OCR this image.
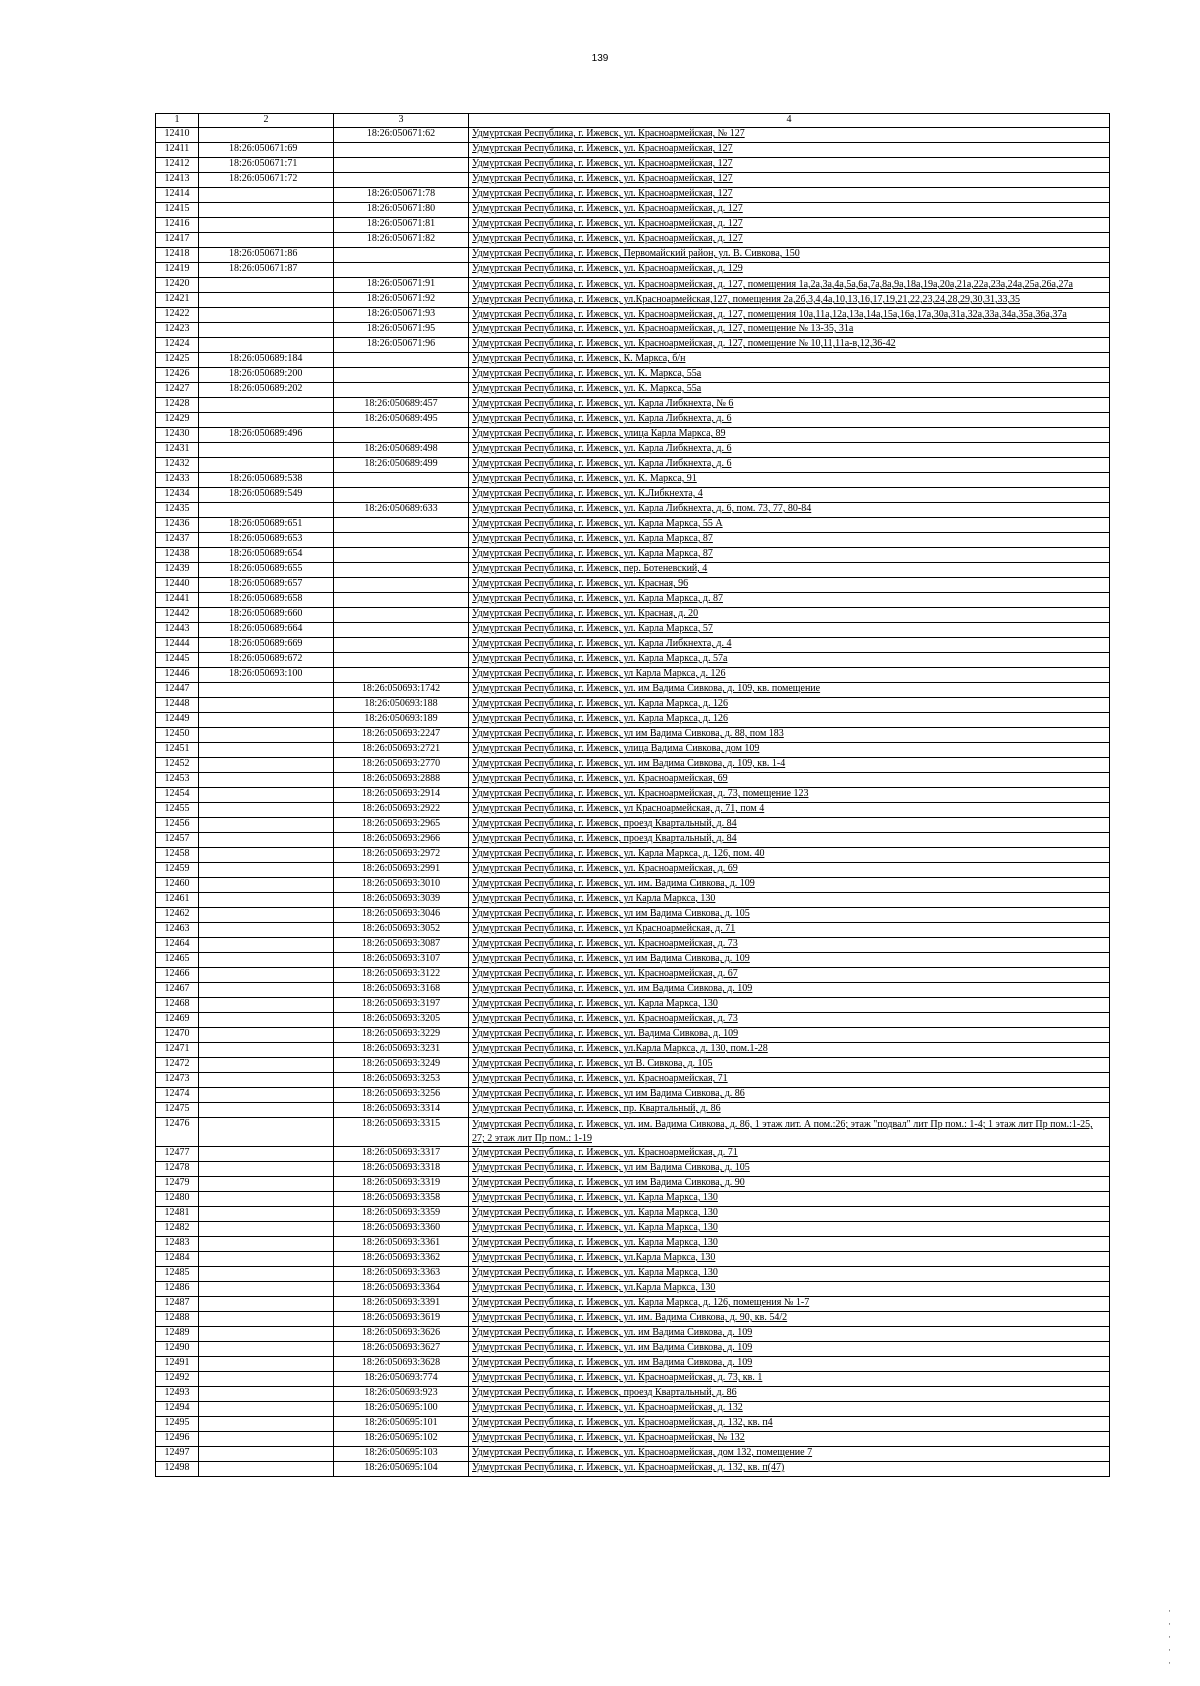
139
1	2	3	4
12410		18:26:050671:62	Удмуртская Республика, г. Ижевск, ул. Красноармейская, № 127
12411	18:26:050671:69		Удмуртская Республика, г. Ижевск, ул. Красноармейская, 127
12412	18:26:050671:71		Удмуртская Республика, г. Ижевск, ул. Красноармейская, 127
12413	18:26:050671:72		Удмуртская Республика, г. Ижевск, ул. Красноармейская, 127
12414		18:26:050671:78	Удмуртская Республика, г. Ижевск, ул. Красноармейская, 127
12415		18:26:050671:80	Удмуртская Республика, г. Ижевск, ул. Красноармейская, д. 127
12416		18:26:050671:81	Удмуртская Республика, г. Ижевск, ул. Красноармейская, д. 127
12417		18:26:050671:82	Удмуртская Республика, г. Ижевск, ул. Красноармейская, д. 127
12418	18:26:050671:86		Удмуртская Республика, г. Ижевск, Первомайский район, ул. В. Сивкова, 150
12419	18:26:050671:87		Удмуртская Республика, г. Ижевск, ул. Красноармейская, д. 129
12420		18:26:050671:91	Удмуртская Республика, г. Ижевск, ул. Красноармейская, д. 127, помещения 1а,2а,3а,4а,5а,6а,7а,8а,9а,18а,19а,20а,21а,22а,23а,24а,25а,26а,27а
12421		18:26:050671:92	Удмуртская Республика, г. Ижевск, ул.Красноармейская,127, помещения 2а,2б,3,4,4а,10,13,16,17,19,21,22,23,24,28,29,30,31,33,35
12422		18:26:050671:93	Удмуртская Республика, г. Ижевск, ул. Красноармейская, д. 127, помещения 10а,11а,12а,13а,14а,15а,16а,17а,30а,31а,32а,33а,34а,35а,36а,37а
12423		18:26:050671:95	Удмуртская Республика, г. Ижевск, ул. Красноармейская, д. 127, помещение № 13-35, 31а
12424		18:26:050671:96	Удмуртская Республика, г. Ижевск, ул. Красноармейская, д. 127, помещение № 10,11,11а-в,12,36-42
12425	18:26:050689:184		Удмуртская Республика, г. Ижевск, К. Маркса, б/н
12426	18:26:050689:200		Удмуртская Республика, г. Ижевск, ул. К. Маркса, 55а
12427	18:26:050689:202		Удмуртская Республика, г. Ижевск, ул. К. Маркса, 55а
12428		18:26:050689:457	Удмуртская Республика, г. Ижевск, ул. Карла Либкнехта, № 6
12429		18:26:050689:495	Удмуртская Республика, г. Ижевск, ул. Карла Либкнехта, д. 6
12430	18:26:050689:496		Удмуртская Республика, г. Ижевск, улица Карла Маркса, 89
12431		18:26:050689:498	Удмуртская Республика, г. Ижевск, ул. Карла Либкнехта, д. 6
12432		18:26:050689:499	Удмуртская Республика, г. Ижевск, ул. Карла Либкнехта, д. 6
12433	18:26:050689:538		Удмуртская Республика, г. Ижевск, ул. К. Маркса, 91
12434	18:26:050689:549		Удмуртская Республика, г. Ижевск, ул. К.Либкнехта, 4
12435		18:26:050689:633	Удмуртская Республика, г. Ижевск, ул. Карла Либкнехта, д. 6, пом. 73, 77, 80-84
12436	18:26:050689:651		Удмуртская Республика, г. Ижевск, ул. Карла Маркса, 55 А
12437	18:26:050689:653		Удмуртская Республика, г. Ижевск, ул. Карла Маркса, 87
12438	18:26:050689:654		Удмуртская Республика, г. Ижевск, ул. Карла Маркса, 87
12439	18:26:050689:655		Удмуртская Республика, г. Ижевск, пер. Ботеневский, 4
12440	18:26:050689:657		Удмуртская Республика, г. Ижевск, ул. Красная, 96
12441	18:26:050689:658		Удмуртская Республика, г. Ижевск, ул. Карла Маркса, д. 87
12442	18:26:050689:660		Удмуртская Республика, г. Ижевск, ул. Красная, д. 20
12443	18:26:050689:664		Удмуртская Республика, г. Ижевск, ул. Карла Маркса, 57
12444	18:26:050689:669		Удмуртская Республика, г. Ижевск, ул. Карла Либкнехта, д. 4
12445	18:26:050689:672		Удмуртская Республика, г. Ижевск, ул. Карла Маркса, д. 57а
12446	18:26:050693:100		Удмуртская Республика, г. Ижевск, ул Карла Маркса, д. 126
12447		18:26:050693:1742	Удмуртская Республика, г. Ижевск, ул. им Вадима Сивкова, д. 109, кв. помещение
12448		18:26:050693:188	Удмуртская Республика, г. Ижевск, ул. Карла Маркса, д. 126
12449		18:26:050693:189	Удмуртская Республика, г. Ижевск, ул. Карла Маркса, д. 126
12450		18:26:050693:2247	Удмуртская Республика, г. Ижевск, ул им Вадима Сивкова, д. 88, пом 183
12451		18:26:050693:2721	Удмуртская Республика, г. Ижевск, улица Вадима Сивкова, дом 109
12452		18:26:050693:2770	Удмуртская Республика, г. Ижевск, ул. им Вадима Сивкова, д. 109, кв. 1-4
12453		18:26:050693:2888	Удмуртская Республика, г. Ижевск, ул. Красноармейская, 69
12454		18:26:050693:2914	Удмуртская Республика, г. Ижевск, ул. Красноармейская, д. 73, помещение 123
12455		18:26:050693:2922	Удмуртская Республика, г. Ижевск, ул Красноармейская, д. 71, пом 4
12456		18:26:050693:2965	Удмуртская Республика, г. Ижевск, проезд Квартальный, д. 84
12457		18:26:050693:2966	Удмуртская Республика, г. Ижевск, проезд Квартальный, д. 84
12458		18:26:050693:2972	Удмуртская Республика, г. Ижевск, ул. Карла Маркса, д. 126, пом. 40
12459		18:26:050693:2991	Удмуртская Республика, г. Ижевск, ул. Красноармейская, д. 69
12460		18:26:050693:3010	Удмуртская Республика, г. Ижевск, ул. им. Вадима Сивкова, д. 109
12461		18:26:050693:3039	Удмуртская Республика, г. Ижевск, ул Карла Маркса, 130
12462		18:26:050693:3046	Удмуртская Республика, г. Ижевск, ул им Вадима Сивкова, д. 105
12463		18:26:050693:3052	Удмуртская Республика, г. Ижевск, ул Красноармейская, д. 71
12464		18:26:050693:3087	Удмуртская Республика, г. Ижевск, ул. Красноармейская, д. 73
12465		18:26:050693:3107	Удмуртская Республика, г. Ижевск, ул им Вадима Сивкова, д. 109
12466		18:26:050693:3122	Удмуртская Республика, г. Ижевск, ул. Красноармейская, д. 67
12467		18:26:050693:3168	Удмуртская Республика, г. Ижевск, ул. им Вадима Сивкова, д. 109
12468		18:26:050693:3197	Удмуртская Республика, г. Ижевск, ул. Карла Маркса, 130
12469		18:26:050693:3205	Удмуртская Республика, г. Ижевск, ул. Красноармейская, д. 73
12470		18:26:050693:3229	Удмуртская Республика, г. Ижевск, ул. Вадима Сивкова, д. 109
12471		18:26:050693:3231	Удмуртская Республика, г. Ижевск, ул.Карла Маркса, д. 130, пом.1-28
12472		18:26:050693:3249	Удмуртская Республика, г. Ижевск, ул В. Сивкова, д. 105
12473		18:26:050693:3253	Удмуртская Республика, г. Ижевск, ул. Красноармейская, 71
12474		18:26:050693:3256	Удмуртская Республика, г. Ижевск, ул им Вадима Сивкова, д. 86
12475		18:26:050693:3314	Удмуртская Республика, г. Ижевск, пр. Квартальный, д. 86
12476		18:26:050693:3315	Удмуртская Республика, г. Ижевск, ул. им. Вадима Сивкова, д. 86, 1 этаж лит. А пом.:26; этаж "подвал" лит Пр пом.: 1-4; 1 этаж лит Пр пом.:1-25, 27; 2 этаж лит Пр пом.: 1-19
12477		18:26:050693:3317	Удмуртская Республика, г. Ижевск, ул. Красноармейская, д. 71
12478		18:26:050693:3318	Удмуртская Республика, г. Ижевск, ул им Вадима Сивкова, д. 105
12479		18:26:050693:3319	Удмуртская Республика, г. Ижевск, ул им Вадима Сивкова, д. 90
12480		18:26:050693:3358	Удмуртская Республика, г. Ижевск, ул. Карла Маркса, 130
12481		18:26:050693:3359	Удмуртская Республика, г. Ижевск, ул. Карла Маркса, 130
12482		18:26:050693:3360	Удмуртская Республика, г. Ижевск, ул. Карла Маркса, 130
12483		18:26:050693:3361	Удмуртская Республика, г. Ижевск, ул. Карла Маркса, 130
12484		18:26:050693:3362	Удмуртская Республика, г. Ижевск, ул.Карла Маркса, 130
12485		18:26:050693:3363	Удмуртская Республика, г. Ижевск, ул. Карла Маркса, 130
12486		18:26:050693:3364	Удмуртская Республика, г. Ижевск, ул.Карла Маркса, 130
12487		18:26:050693:3391	Удмуртская Республика, г. Ижевск, ул. Карла Маркса, д. 126, помещения № 1-7
12488		18:26:050693:3619	Удмуртская Республика, г. Ижевск, ул. им. Вадима Сивкова, д. 90, кв. 54/2
12489		18:26:050693:3626	Удмуртская Республика, г. Ижевск, ул. им Вадима Сивкова, д. 109
12490		18:26:050693:3627	Удмуртская Республика, г. Ижевск, ул. им Вадима Сивкова, д. 109
12491		18:26:050693:3628	Удмуртская Республика, г. Ижевск, ул. им Вадима Сивкова, д. 109
12492		18:26:050693:774	Удмуртская Республика, г. Ижевск, ул. Красноармейская, д. 73, кв. 1
12493		18:26:050693:923	Удмуртская Республика, г. Ижевск, проезд Квартальный, д. 86
12494		18:26:050695:100	Удмуртская Республика, г. Ижевск, ул. Красноармейская, д. 132
12495		18:26:050695:101	Удмуртская Республика, г. Ижевск, ул. Красноармейская, д. 132, кв. п4
12496		18:26:050695:102	Удмуртская Республика, г. Ижевск, ул. Красноармейская, № 132
12497		18:26:050695:103	Удмуртская Республика, г. Ижевск, ул. Красноармейская, дом 132, помещение 7
12498		18:26:050695:104	Удмуртская Республика, г. Ижевск, ул. Красноармейская, д. 132, кв. п(47)
·
·
·
·
·
